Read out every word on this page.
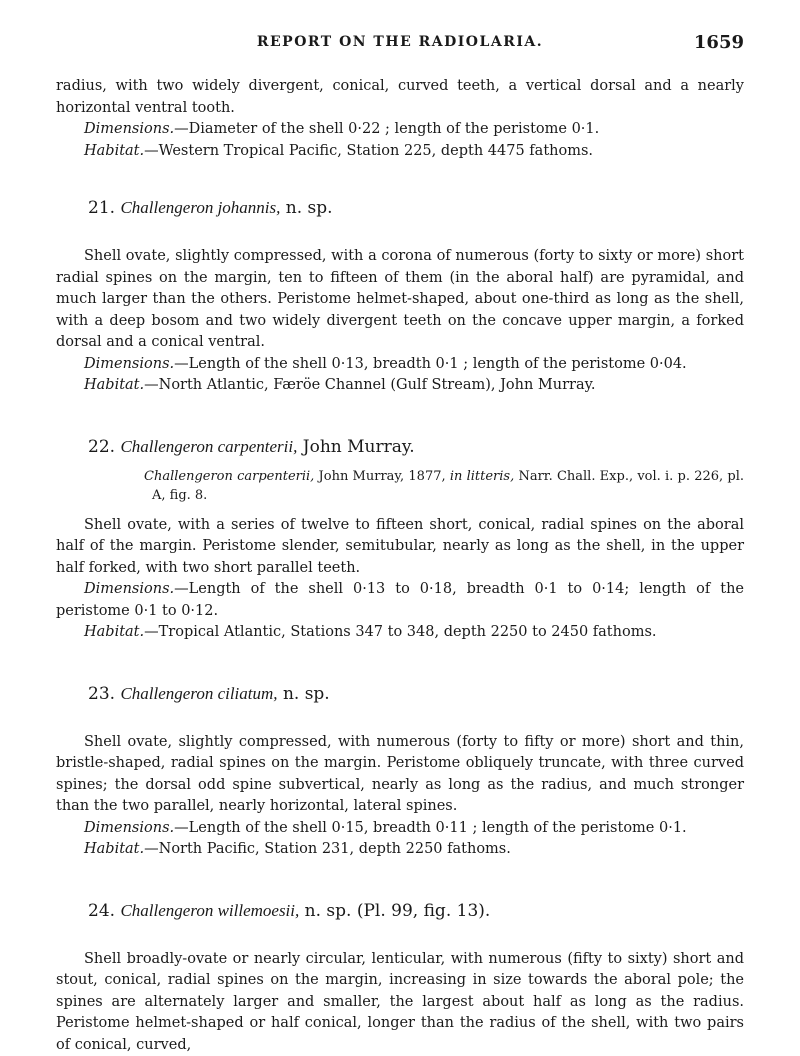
REPORT ON THE RADIOLARIA.	1659

radius, with two widely divergent, conical, curved teeth, a vertical dorsal and a nearly horizontal ventral tooth.

Dimensions.—Diameter of the shell 0·22 ; length of the peristome 0·1.

Habitat.—Western Tropical Pacific, Station 225, depth 4475 fathoms.

21. Challengeron johannis, n. sp.

Shell ovate, slightly compressed, with a corona of numerous (forty to sixty or more) short radial spines on the margin, ten to fifteen of them (in the aboral half) are pyramidal, and much larger than the others. Peristome helmet-shaped, about one-third as long as the shell, with a deep bosom and two widely divergent teeth on the concave upper margin, a forked dorsal and a conical ventral.

Dimensions.—Length of the shell 0·13, breadth 0·1 ; length of the peristome 0·04.

Habitat.—North Atlantic, Færöe Channel (Gulf Stream), John Murray.

22. Challengeron carpenterii, John Murray.

Challengeron carpenterii, John Murray, 1877, in litteris, Narr. Chall. Exp., vol. i. p. 226, pl. A, fig. 8.

Shell ovate, with a series of twelve to fifteen short, conical, radial spines on the aboral half of the margin. Peristome slender, semitubular, nearly as long as the shell, in the upper half forked, with two short parallel teeth.

Dimensions.—Length of the shell 0·13 to 0·18, breadth 0·1 to 0·14; length of the peristome 0·1 to 0·12.

Habitat.—Tropical Atlantic, Stations 347 to 348, depth 2250 to 2450 fathoms.

23. Challengeron ciliatum, n. sp.

Shell ovate, slightly compressed, with numerous (forty to fifty or more) short and thin, bristle-shaped, radial spines on the margin. Peristome obliquely truncate, with three curved spines; the dorsal odd spine subvertical, nearly as long as the radius, and much stronger than the two parallel, nearly horizontal, lateral spines.

Dimensions.—Length of the shell 0·15, breadth 0·11 ; length of the peristome 0·1.

Habitat.—North Pacific, Station 231, depth 2250 fathoms.

24. Challengeron willemoesii, n. sp. (Pl. 99, fig. 13).

Shell broadly-ovate or nearly circular, lenticular, with numerous (fifty to sixty) short and stout, conical, radial spines on the margin, increasing in size towards the aboral pole; the spines are alternately larger and smaller, the largest about half as long as the radius. Peristome helmet-shaped or half conical, longer than the radius of the shell, with two pairs of conical, curved,
